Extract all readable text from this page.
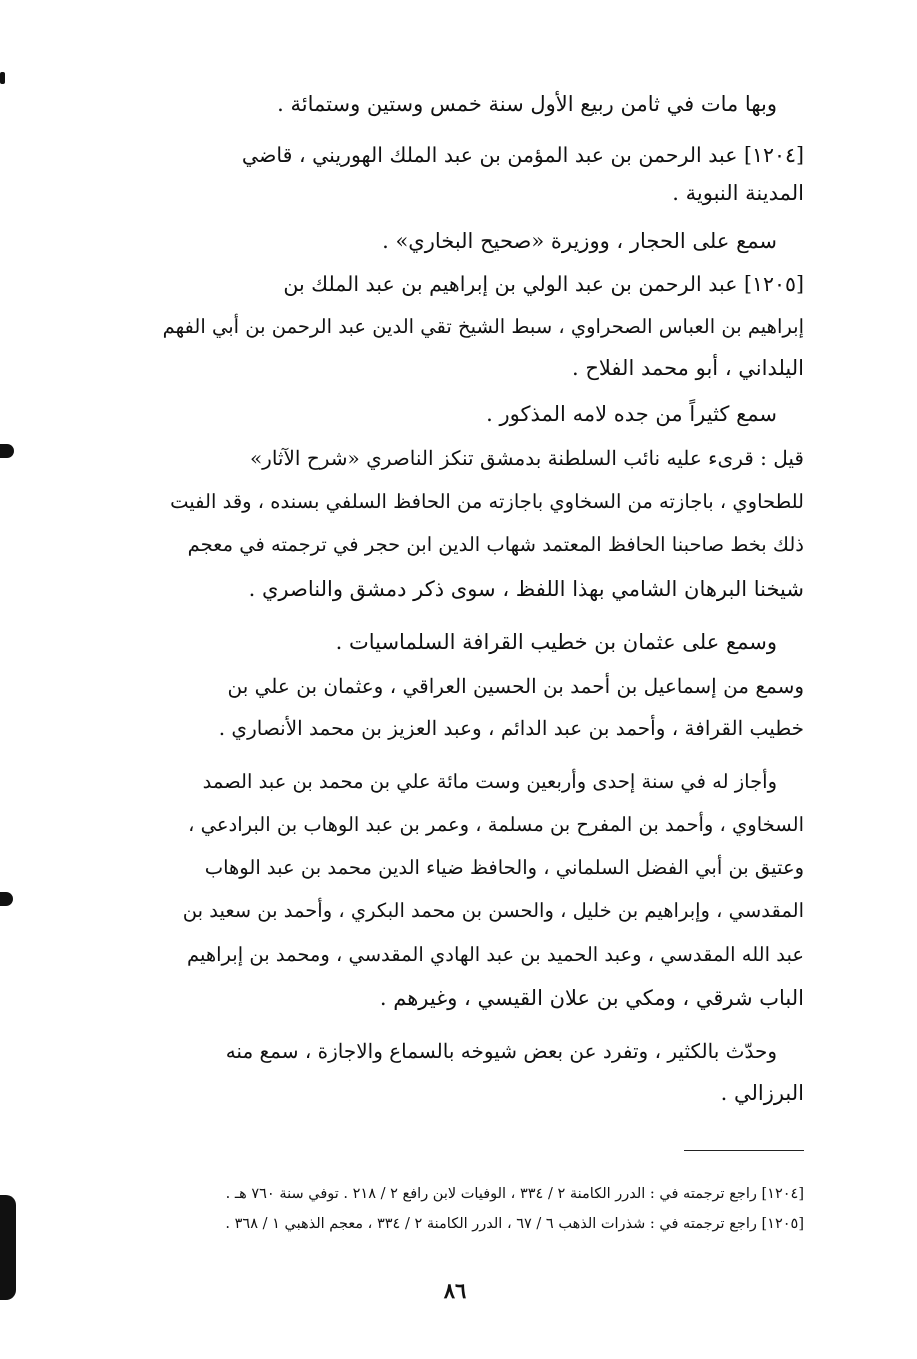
وبها مات في ثامن ربيع الأول سنة خمس وستين وستمائة .
[١٢٠٤] عبد الرحمن بن عبد المؤمن بن عبد الملك الهوريني ، قاضي
المدينة النبوية .
سمع على الحجار ، ووزيرة «صحيح البخاري» .
[١٢٠٥] عبد الرحمن بن عبد الولي بن إبراهيم بن عبد الملك بن
إبراهيم بن العباس الصحراوي ، سبط الشيخ تقي الدين عبد الرحمن بن أبي الفهم
اليلداني ، أبو محمد الفلاح .
سمع كثيراً من جده لامه المذكور .
قيل : قرىء عليه نائب السلطنة بدمشق تنكز الناصري «شرح الآثار»
للطحاوي ، باجازته من السخاوي باجازته من الحافظ السلفي بسنده ، وقد الفيت
ذلك بخط صاحبنا الحافظ المعتمد شهاب الدين ابن حجر في ترجمته في معجم
شيخنا البرهان الشامي بهذا اللفظ ، سوى ذكر دمشق والناصري .
وسمع على عثمان بن خطيب القرافة السلماسيات .
وسمع من إسماعيل بن أحمد بن الحسين العراقي ، وعثمان بن علي بن
خطيب القرافة ، وأحمد بن عبد الدائم ، وعبد العزيز بن محمد الأنصاري .
وأجاز له في سنة إحدى وأربعين وست مائة علي بن محمد بن عبد الصمد
السخاوي ، وأحمد بن المفرح بن مسلمة ، وعمر بن عبد الوهاب بن البرادعي ،
وعتيق بن أبي الفضل السلماني ، والحافظ ضياء الدين محمد بن عبد الوهاب
المقدسي ، وإبراهيم بن خليل ، والحسن بن محمد البكري ، وأحمد بن سعيد بن
عبد الله المقدسي ، وعبد الحميد بن عبد الهادي المقدسي ، ومحمد بن إبراهيم
الباب شرقي ، ومكي بن علان القيسي ، وغيرهم .
وحدّث بالكثير ، وتفرد عن بعض شيوخه بالسماع والاجازة ، سمع منه
البرزالي .
[١٢٠٤] راجع ترجمته في : الدرر الكامنة ٢ / ٣٣٤ ، الوفيات لابن رافع ٢ / ٢١٨ . توفي سنة ٧٦٠ هـ .
[١٢٠٥] راجع ترجمته في : شذرات الذهب ٦ / ٦٧ ، الدرر الكامنة ٢ / ٣٣٤ ، معجم الذهبي ١ / ٣٦٨ .
٨٦
